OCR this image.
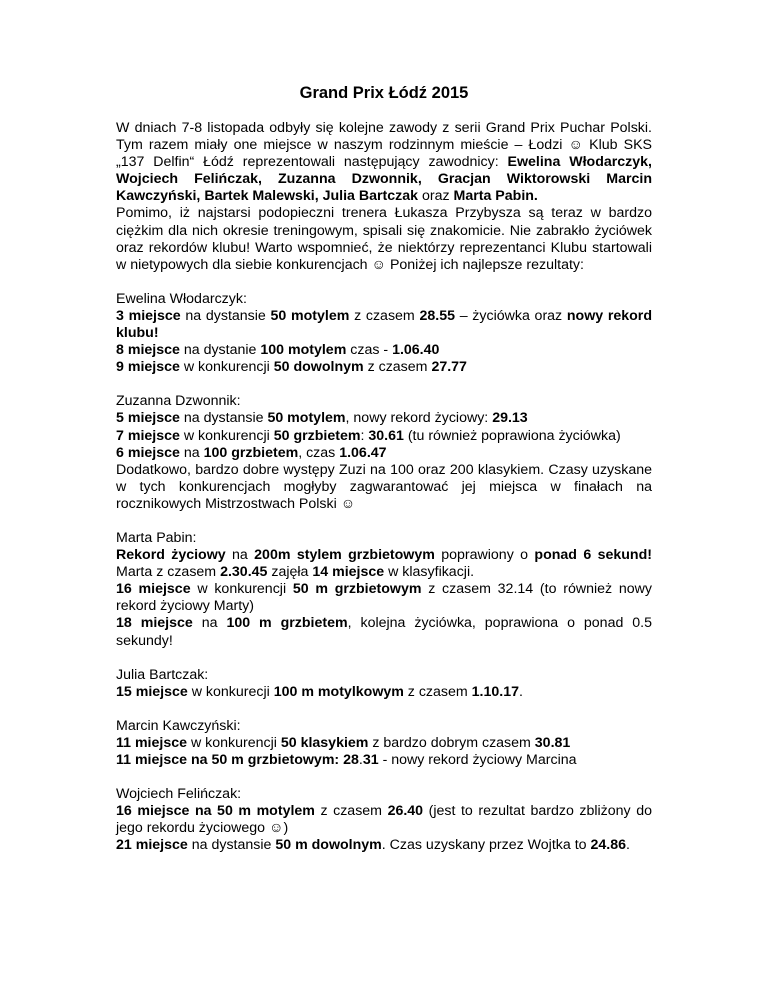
Grand Prix Łódź 2015

W dniach 7-8 listopada odbyły się kolejne zawody z serii Grand Prix Puchar Polski. Tym razem miały one miejsce w naszym rodzinnym mieście – Łodzi ☺ Klub SKS „137 Delfin“ Łódź reprezentowali następujący zawodnicy: Ewelina Włodarczyk, Wojciech Felińczak, Zuzanna Dzwonnik, Gracjan Wiktorowski Marcin Kawczyński, Bartek Malewski, Julia Bartczak oraz Marta Pabin.

Pomimo, iż najstarsi podopieczni trenera Łukasza Przybysza są teraz w bardzo ciężkim dla nich okresie treningowym, spisali się znakomicie. Nie zabrakło życiówek oraz rekordów klubu! Warto wspomnieć, że niektórzy reprezentanci Klubu startowali w nietypowych dla siebie konkurencjach ☺ Poniżej ich najlepsze rezultaty:

Ewelina Włodarczyk:

3 miejsce na dystansie 50 motylem z czasem 28.55 – życiówka oraz nowy rekord klubu!

8 miejsce na dystanie 100 motylem czas - 1.06.40

9 miejsce w konkurencji 50 dowolnym z czasem 27.77

Zuzanna Dzwonnik:

5 miejsce na dystansie 50 motylem, nowy rekord życiowy: 29.13

7 miejsce w konkurencji 50 grzbietem: 30.61 (tu również poprawiona życiówka)

6 miejsce na 100 grzbietem, czas 1.06.47

Dodatkowo, bardzo dobre występy Zuzi na 100 oraz 200 klasykiem. Czasy uzyskane w tych konkurencjach mogłyby zagwarantować jej miejsca w finałach na rocznikowych Mistrzostwach Polski ☺

Marta Pabin:

Rekord życiowy na 200m stylem grzbietowym poprawiony o ponad 6 sekund! Marta z czasem 2.30.45 zajęła 14 miejsce w klasyfikacji.

16 miejsce w konkurencji 50 m grzbietowym z czasem 32.14 (to również nowy rekord życiowy Marty)

18 miejsce na 100 m grzbietem, kolejna życiówka, poprawiona o ponad 0.5 sekundy!

Julia Bartczak:

15 miejsce w konkurecji 100 m motylkowym z czasem 1.10.17.

Marcin Kawczyński:

11 miejsce w konkurencji 50 klasykiem z bardzo dobrym czasem 30.81

11 miejsce na 50 m grzbietowym: 28.31 - nowy rekord życiowy Marcina

Wojciech Felińczak:

16 miejsce na 50 m motylem z czasem 26.40 (jest to rezultat bardzo zbliżony do jego rekordu życiowego ☺)

21 miejsce na dystansie 50 m dowolnym. Czas uzyskany przez Wojtka to 24.86.
